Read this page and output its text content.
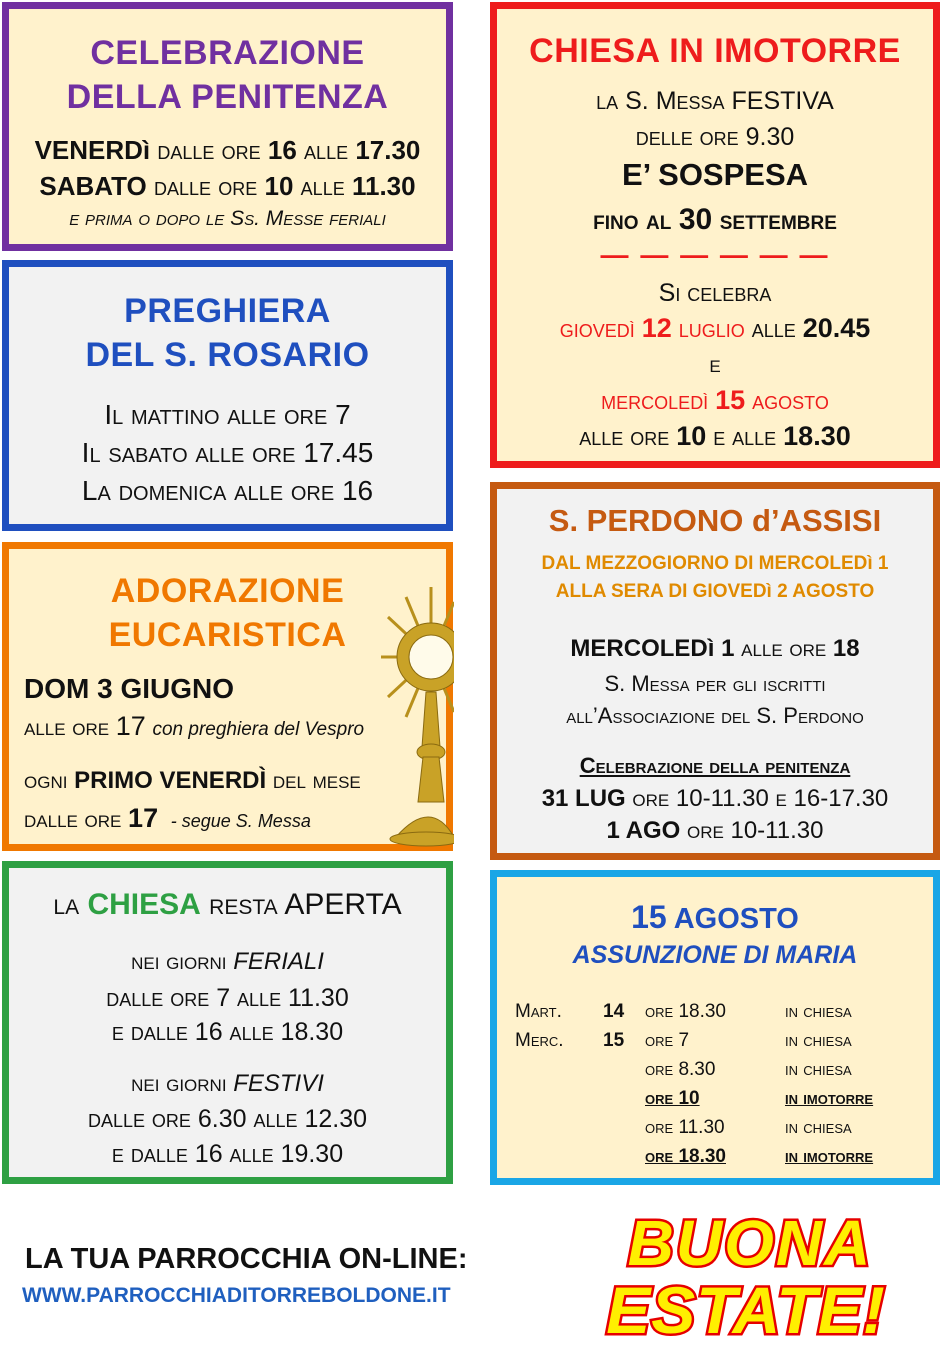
CELEBRAZIONE
DELLA PENITENZA
VENERDì dalle ore 16 alle 17.30
SABATO dalle ore 10 alle 11.30
e prima o dopo le Ss. Messe feriali
PREGHIERA
DEL S. ROSARIO
Il mattino alle ore 7
Il sabato alle ore 17.45
La domenica alle ore 16
ADORAZIONE
EUCARISTICA
DOM 3 GIUGNO
alle ore 17 con preghiera del Vespro
ogni PRIMO VENERDÌ del mese
dalle ore 17 - segue S. Messa
la CHIESA resta APERTA
nei giorni FERIALI
dalle ore 7 alle 11.30
e dalle 16 alle 18.30
nei giorni FESTIVI
dalle ore 6.30 alle 12.30
e dalle 16 alle 19.30
CHIESA IN IMOTORRE
la S. Messa FESTIVA
delle ore 9.30
E’ SOSPESA
fino al 30 settembre
— — — — — —
Si celebra
giovedì 12 luglio alle 20.45
e
mercoledì 15 agosto
alle ore 10 e alle 18.30
S. PERDONO d’ASSISI
DAL MEZZOGIORNO DI MERCOLEDì 1
ALLA SERA DI GIOVEDì 2 AGOSTO
MERCOLEDì 1 alle ore 18
S. Messa per gli iscritti
all’Associazione del S. Perdono
Celebrazione della penitenza
31 LUG ore 10-11.30 e 16-17.30
1 AGO ore 10-11.30
15 AGOSTO
ASSUNZIONE DI MARIA
Mart.	14	ore 18.30	in chiesa
Merc.	15	ore 7	in chiesa
		ore 8.30	in chiesa
		ore 10	in imotorre
		ore 11.30	in chiesa
		ore 18.30	in imotorre
LA TUA PARROCCHIA ON-LINE:
WWW.PARROCCHIADITORREBOLDONE.IT
BUONA
ESTATE!
